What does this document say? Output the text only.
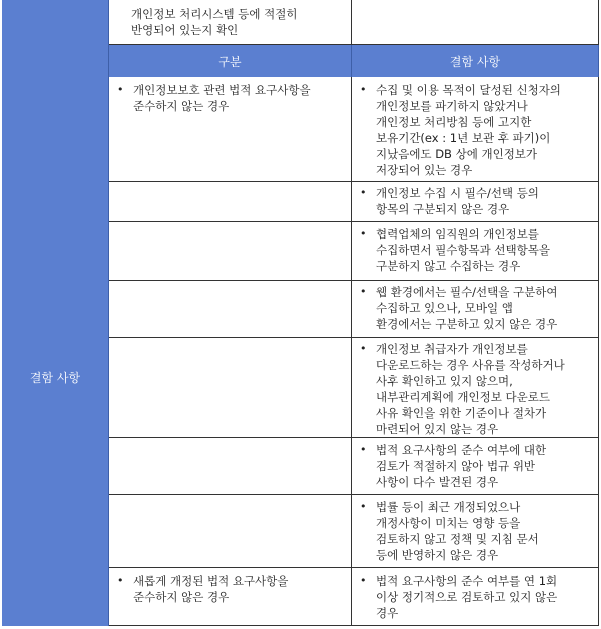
개인정보 처리시스템 등에 적절히
반영되어 있는지 확인
결함 사항
구분	결함 사항
• 개인정보보호 관련 법적 요구사항을
준수하지 않는 경우
• 수집 및 이용 목적이 달성된 신청자의
개인정보를 파기하지 않았거나
개인정보 처리방침 등에 고지한
보유기간(ex : 1년 보관 후 파기)이
지났음에도 DB 상에 개인정보가
저장되어 있는 경우
• 개인정보 수집 시 필수/선택 등의
항목의 구분되지 않은 경우
• 협력업체의 임직원의 개인정보를
수집하면서 필수항목과 선택항목을
구분하지 않고 수집하는 경우
• 웹 환경에서는 필수/선택을 구분하여
수집하고 있으나, 모바일 앱
환경에서는 구분하고 있지 않은 경우
• 개인정보 취급자가 개인정보를
다운로드하는 경우 사유를 작성하거나
사후 확인하고 있지 않으며,
내부관리계획에 개인정보 다운로드
사유 확인을 위한 기준이나 절차가
마련되어 있지 않는 경우
• 법적 요구사항의 준수 여부에 대한
검토가 적절하지 않아 법규 위반
사항이 다수 발견된 경우
• 법률 등이 최근 개정되었으나
개정사항이 미치는 영향 등을
검토하지 않고 정책 및 지침 문서
등에 반영하지 않은 경우
• 새롭게 개정된 법적 요구사항을
준수하지 않은 경우
• 법적 요구사항의 준수 여부를 연 1회
이상 정기적으로 검토하고 있지 않은
경우
